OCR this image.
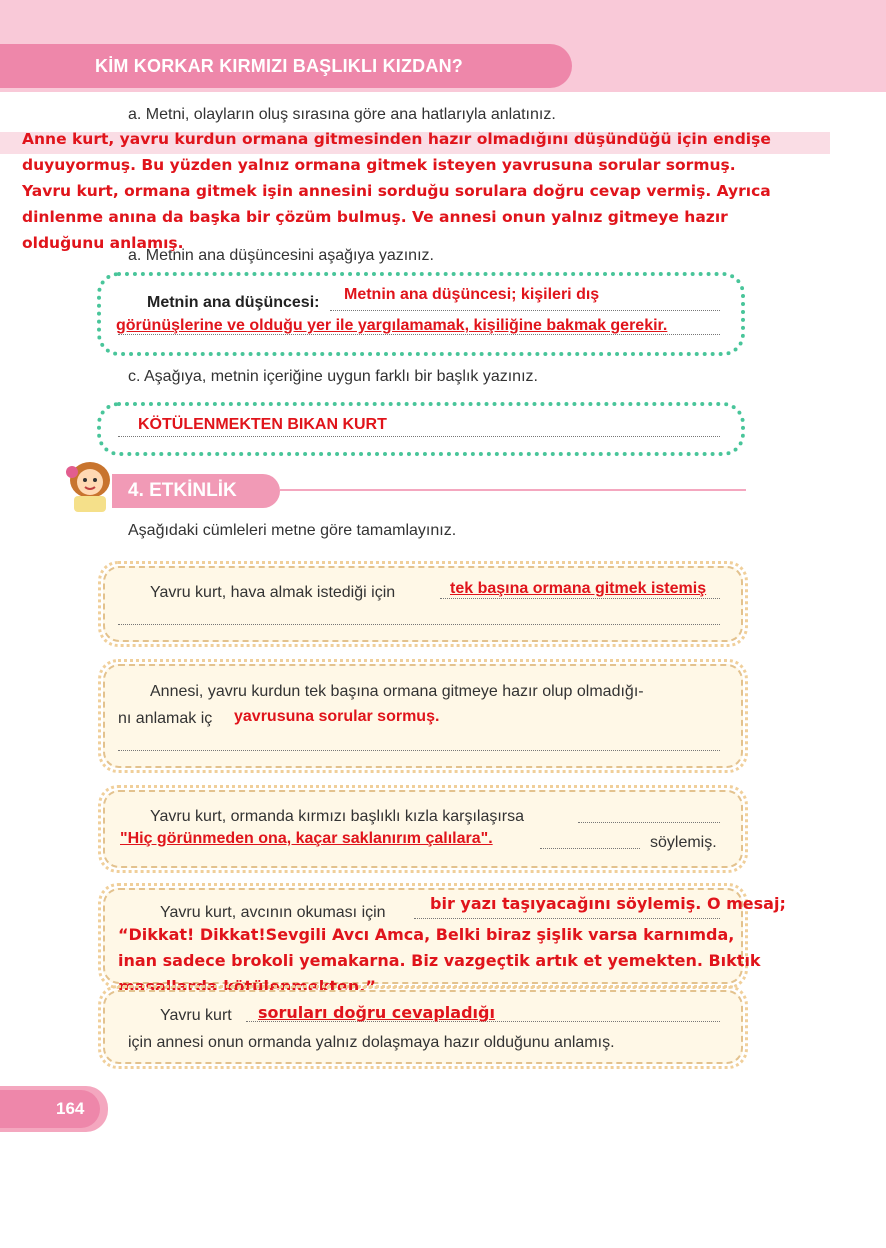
KİM KORKAR KIRMIZI BAŞLIKLI KIZDAN?
a. Metni, olayların oluş sırasına göre ana hatlarıyla anlatınız.
Anne kurt, yavru kurdun ormana gitmesinden hazır olmadığını düşündüğü için endişe
duyuyormuş. Bu yüzden yalnız ormana gitmek isteyen yavrusuna sorular sormuş.
Yavru kurt, ormana gitmek işin annesini sorduğu sorulara doğru cevap vermiş. Ayrıca
dinlenme anına da başka bir çözüm bulmuş. Ve annesi onun yalnız gitmeye hazır
olduğunu anlamış.
a. Metnin ana düşüncesini aşağıya yazınız.
Metnin ana düşüncesi: Metnin ana düşüncesi; kişileri dış
görünüşlerine ve olduğu yer ile yargılamamak, kişiliğine bakmak gerekir.
c. Aşağıya, metnin içeriğine uygun farklı bir başlık yazınız.
KÖTÜLENMEKTEN BIKAN KURT
4. ETKİNLİK
Aşağıdaki cümleleri metne göre tamamlayınız.
Yavru kurt, hava almak istediği için	tek başına ormana gitmek istemiş
Annesi, yavru kurdun tek başına ormana gitmeye hazır olup olmadığı-
nı anlamak iç yavrusuna sorular sormuş.
Yavru kurt, ormanda kırmızı başlıklı kızla karşılaşırsa
"Hiç görünmeden ona, kaçar saklanırım çalılara".	söylemiş.
Yavru kurt, avcının okuması için	bir yazı taşıyacağını söylemiş. O mesaj;
“Dikkat! Dikkat!Sevgili Avcı Amca, Belki biraz şişlik varsa karnımda,
inan sadece brokoli yemakarna. Biz vazgeçtik artık et yemekten. Bıktık
Yavru kurt soruları doğru cevapladığı
için annesi onun ormanda yalnız dolaşmaya hazır olduğunu anlamış.
164
